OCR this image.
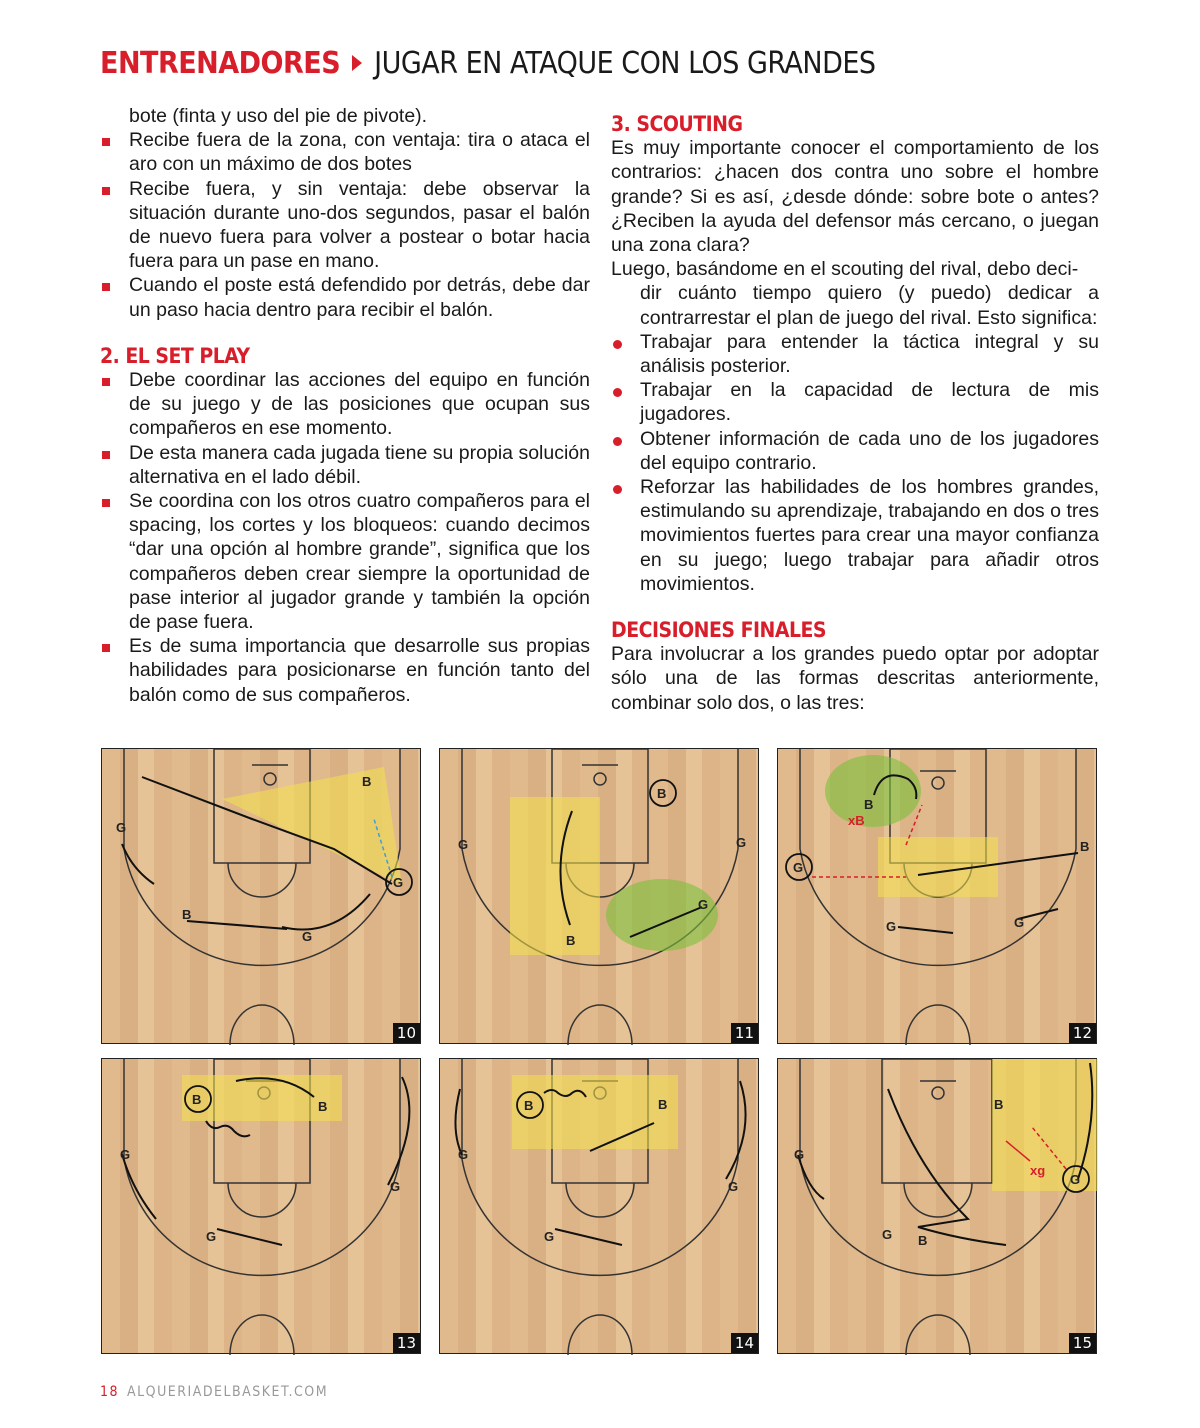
ENTRENADORES JUGAR EN ATAQUE CON LOS GRANDES

bote (finta y uso del pie de pivote).

Recibe fuera de la zona, con ventaja: tira o ataca el aro con un máximo de dos botes
Recibe fuera, y sin ventaja: debe observar la situación durante uno-dos segundos, pasar el balón de nuevo fuera para volver a postear o botar hacia fuera para un pase en mano.
Cuando el poste está defendido por detrás, debe dar un paso hacia dentro para recibir el balón.
2. EL SET PLAY
Debe coordinar las acciones del equipo en función de su juego y de las posiciones que ocupan sus compañeros en ese momento.
De esta manera cada jugada tiene su propia solución alternativa en el lado débil.
Se coordina con los otros cuatro compañeros para el spacing, los cortes y los bloqueos: cuando decimos “dar una opción al hombre grande”, significa que los compañeros deben crear siempre la oportunidad de pase interior al jugador grande y también la opción de pase fuera.
Es de suma importancia que desarrolle sus propias habilidades para posicionarse en función tanto del balón como de sus compañeros.
3. SCOUTING

Es muy importante conocer el comportamiento de los contrarios: ¿hacen dos contra uno sobre el hombre grande? Si es así, ¿desde dónde: sobre bote o antes? ¿Reciben la ayuda del defensor más cercano, o juegan una zona clara?

Luego, basándome en el scouting del rival, debo deci-
dir cuánto tiempo quiero (y puedo) dedicar a contrarrestar el plan de juego del rival. Esto significa:

Trabajar para entender la táctica integral y su análisis posterior.
Trabajar en la capacidad de lectura de mis jugadores.
Obtener información de cada uno de los jugadores del equipo contrario.
Reforzar las habilidades de los hombres grandes, estimulando su aprendizaje, trabajando en dos o tres movimientos fuertes para crear una mayor confianza en su juego; luego trabajar para añadir otros movimientos.
DECISIONES FINALES

Para involucrar a los grandes puedo optar por adoptar sólo una de las formas descritas anteriormente, combinar solo dos, o las tres:

B
G
G
B
G
10
B
G	G
G
B
11
B
xB
G
B
G	G
12
B	B
G
G
G
13
B	B
G
G
G
14
B
xg
G
G
G B
15
18 ALQUERIADELBASKET.COM
